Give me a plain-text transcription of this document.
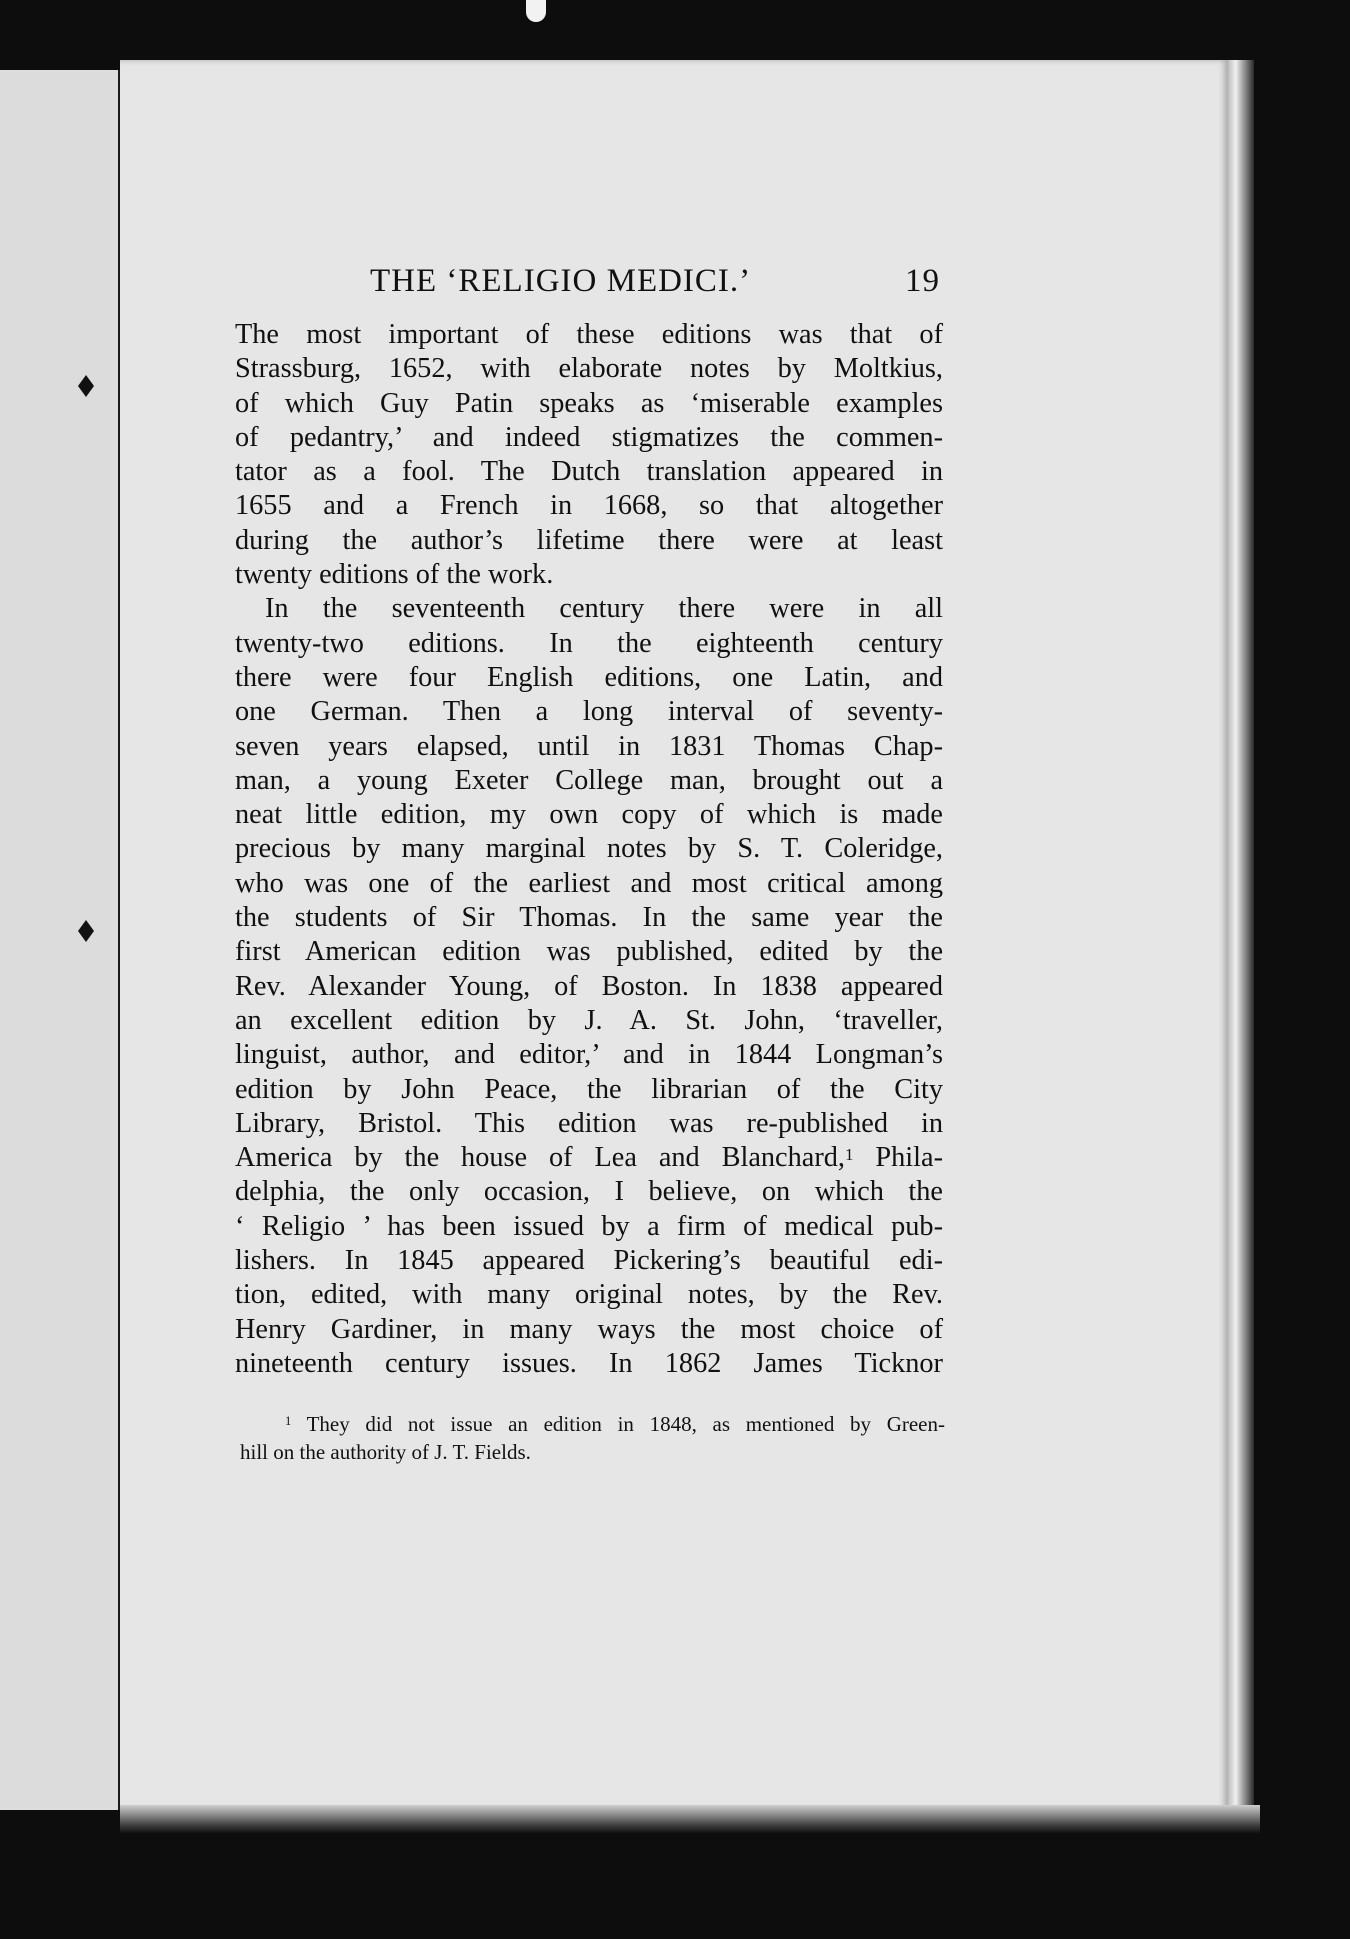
THE ‘RELIGIO MEDICI.’	19
The most important of these editions was that of
Strassburg, 1652, with elaborate notes by Moltkius,
of which Guy Patin speaks as ‘miserable examples
of pedantry,’ and indeed stigmatizes the commen-
tator as a fool. The Dutch translation appeared in
1655 and a French in 1668, so that altogether
during the author’s lifetime there were at least
twenty editions of the work.
In the seventeenth century there were in all
twenty-two editions. In the eighteenth century
there were four English editions, one Latin, and
one German. Then a long interval of seventy-
seven years elapsed, until in 1831 Thomas Chap-
man, a young Exeter College man, brought out a
neat little edition, my own copy of which is made
precious by many marginal notes by S. T. Coleridge,
who was one of the earliest and most critical among
the students of Sir Thomas. In the same year the
first American edition was published, edited by the
Rev. Alexander Young, of Boston. In 1838 appeared
an excellent edition by J. A. St. John, ‘traveller,
linguist, author, and editor,’ and in 1844 Longman’s
edition by John Peace, the librarian of the City
Library, Bristol. This edition was re-published in
America by the house of Lea and Blanchard,$^1$ Phila-
delphia, the only occasion, I believe, on which the
‘ Religio ’ has been issued by a firm of medical pub-
lishers. In 1845 appeared Pickering’s beautiful edi-
tion, edited, with many original notes, by the Rev.
Henry Gardiner, in many ways the most choice of
nineteenth century issues. In 1862 James Ticknor
$^1$ They did not issue an edition in 1848, as mentioned by Green-
hill on the authority of J. T. Fields.
